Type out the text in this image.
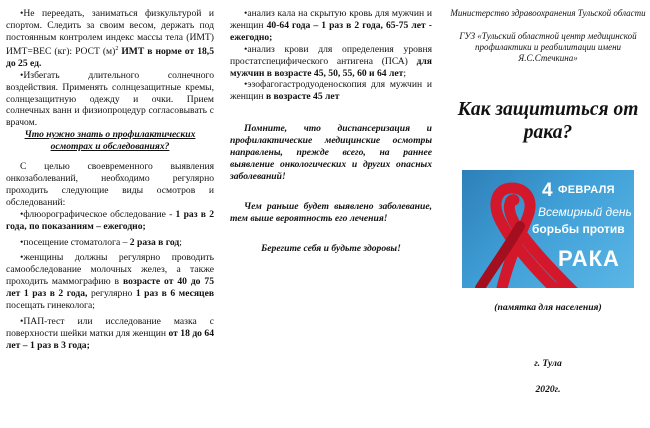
•Не переедать, заниматься физкультурой и спортом. Следить за своим весом, держать под постоянным контролем индекс массы тела (ИМТ) ИМТ=ВЕС (кг): РОСТ $(м)^2$ ИМТ в норме от 18,5 до 25 ед.

•Избегать длительного солнечного воздействия. Применять солнцезащитные кремы, солнцезащитную одежду и очки. Прием солнечных ванн и физиопроцедур согласовывать с врачом.

Что нужно знать о профилактических осмотрах и обследованиях?

С целью своевременного выявления онкозаболеваний, необходимо регулярно проходить следующие виды осмотров и обследований:

•флюорографическое обследование - 1 раз в 2 года, по показаниям – ежегодно;

•посещение стоматолога – 2 раза в год;

•женщины должны регулярно проводить самообследование молочных желез, а также проходить маммографию в возрасте от 40 до 75 лет 1 раз в 2 года, регулярно 1 раз в 6 месяцев посещать гинеколога;

•ПАП-тест или исследование мазка с поверхности шейки матки для женщин от 18 до 64 лет – 1 раз в 3 года;

•анализ кала на скрытую кровь для мужчин и женщин 40-64 года – 1 раз в 2 года, 65-75 лет - ежегодно;

•анализ крови для определения уровня простатспецифического антигена (ПСА) для мужчин в возрасте 45, 50, 55, 60 и 64 лет;

•эзофагогастродуоденоскопия для мужчин и женщин в возрасте 45 лет

Помните, что диспансеризация и профилактические медицинские осмотры направлены, прежде всего, на раннее выявление онкологических и других опасных заболеваний!

Чем раньше будет выявлено заболевание, тем выше вероятность его лечения!

Берегите себя и будьте здоровы!

Министерство здравоохранения Тульской области

ГУЗ «Тульский областной центр медицинской профилактики и реабилитации имени Я.С.Стечкина»

Как защититься от рака?
4 ФЕВРАЛЯ
Всемирный день
борьбы против
РАКА

(памятка для населения)

г. Тула

2020г.
